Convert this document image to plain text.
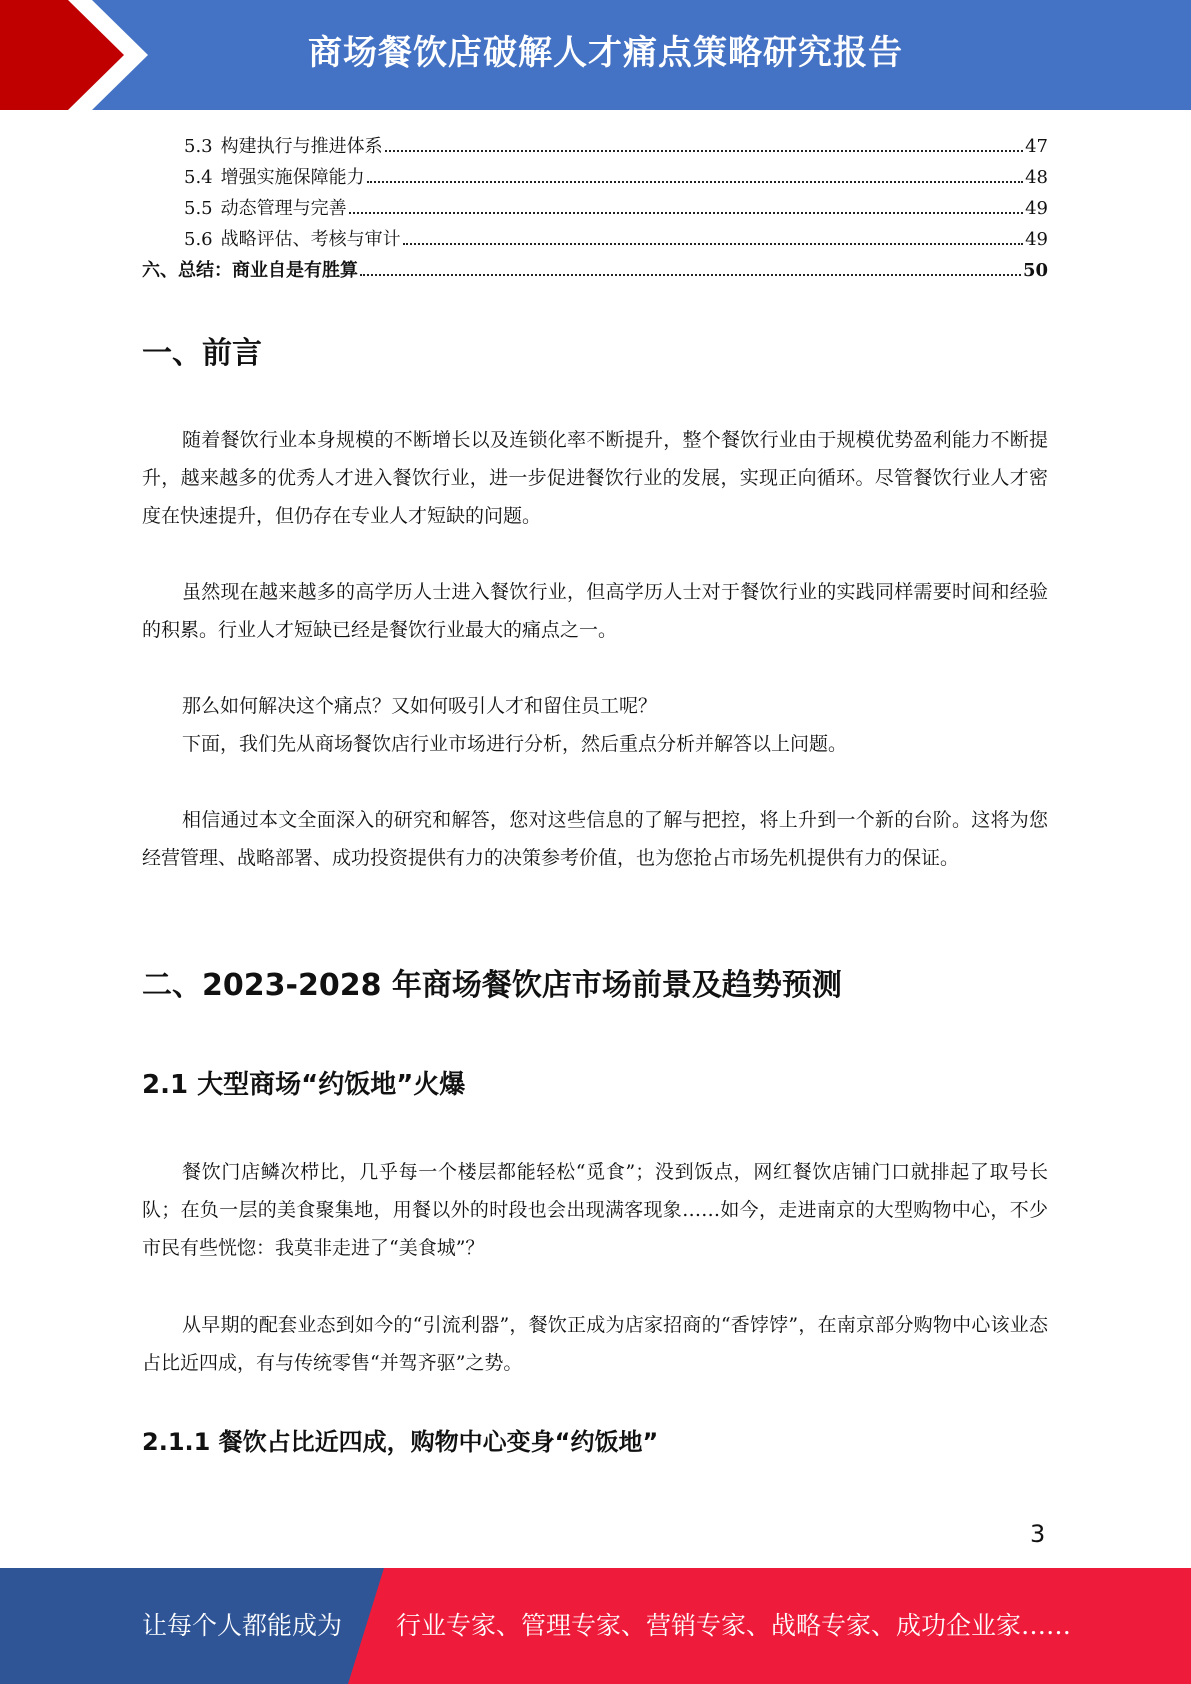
商场餐饮店破解人才痛点策略研究报告
5.3 构建执行与推进体系	47
5.4 增强实施保障能力	48
5.5 动态管理与完善	49
5.6 战略评估、考核与审计	49
六、总结：商业自是有胜算	50
一、前言

随着餐饮行业本身规模的不断增长以及连锁化率不断提升，整个餐饮行业由于规模优势盈利能力不断提升，越来越多的优秀人才进入餐饮行业，进一步促进餐饮行业的发展，实现正向循环。尽管餐饮行业人才密度在快速提升，但仍存在专业人才短缺的问题。

虽然现在越来越多的高学历人士进入餐饮行业，但高学历人士对于餐饮行业的实践同样需要时间和经验的积累。行业人才短缺已经是餐饮行业最大的痛点之一。

那么如何解决这个痛点？又如何吸引人才和留住员工呢？

下面，我们先从商场餐饮店行业市场进行分析，然后重点分析并解答以上问题。

相信通过本文全面深入的研究和解答，您对这些信息的了解与把控，将上升到一个新的台阶。这将为您经营管理、战略部署、成功投资提供有力的决策参考价值，也为您抢占市场先机提供有力的保证。

二、2023-2028 年商场餐饮店市场前景及趋势预测
2.1 大型商场“约饭地”火爆

餐饮门店鳞次栉比，几乎每一个楼层都能轻松“觅食”；没到饭点，网红餐饮店铺门口就排起了取号长队；在负一层的美食聚集地，用餐以外的时段也会出现满客现象……如今，走进南京的大型购物中心，不少市民有些恍惚：我莫非走进了“美食城”？

从早期的配套业态到如今的“引流利器”，餐饮正成为店家招商的“香饽饽”，在南京部分购物中心该业态占比近四成，有与传统零售“并驾齐驱”之势。

2.1.1 餐饮占比近四成，购物中心变身“约饭地”
3
让每个人都能成为 行业专家、管理专家、营销专家、战略专家、成功企业家……
